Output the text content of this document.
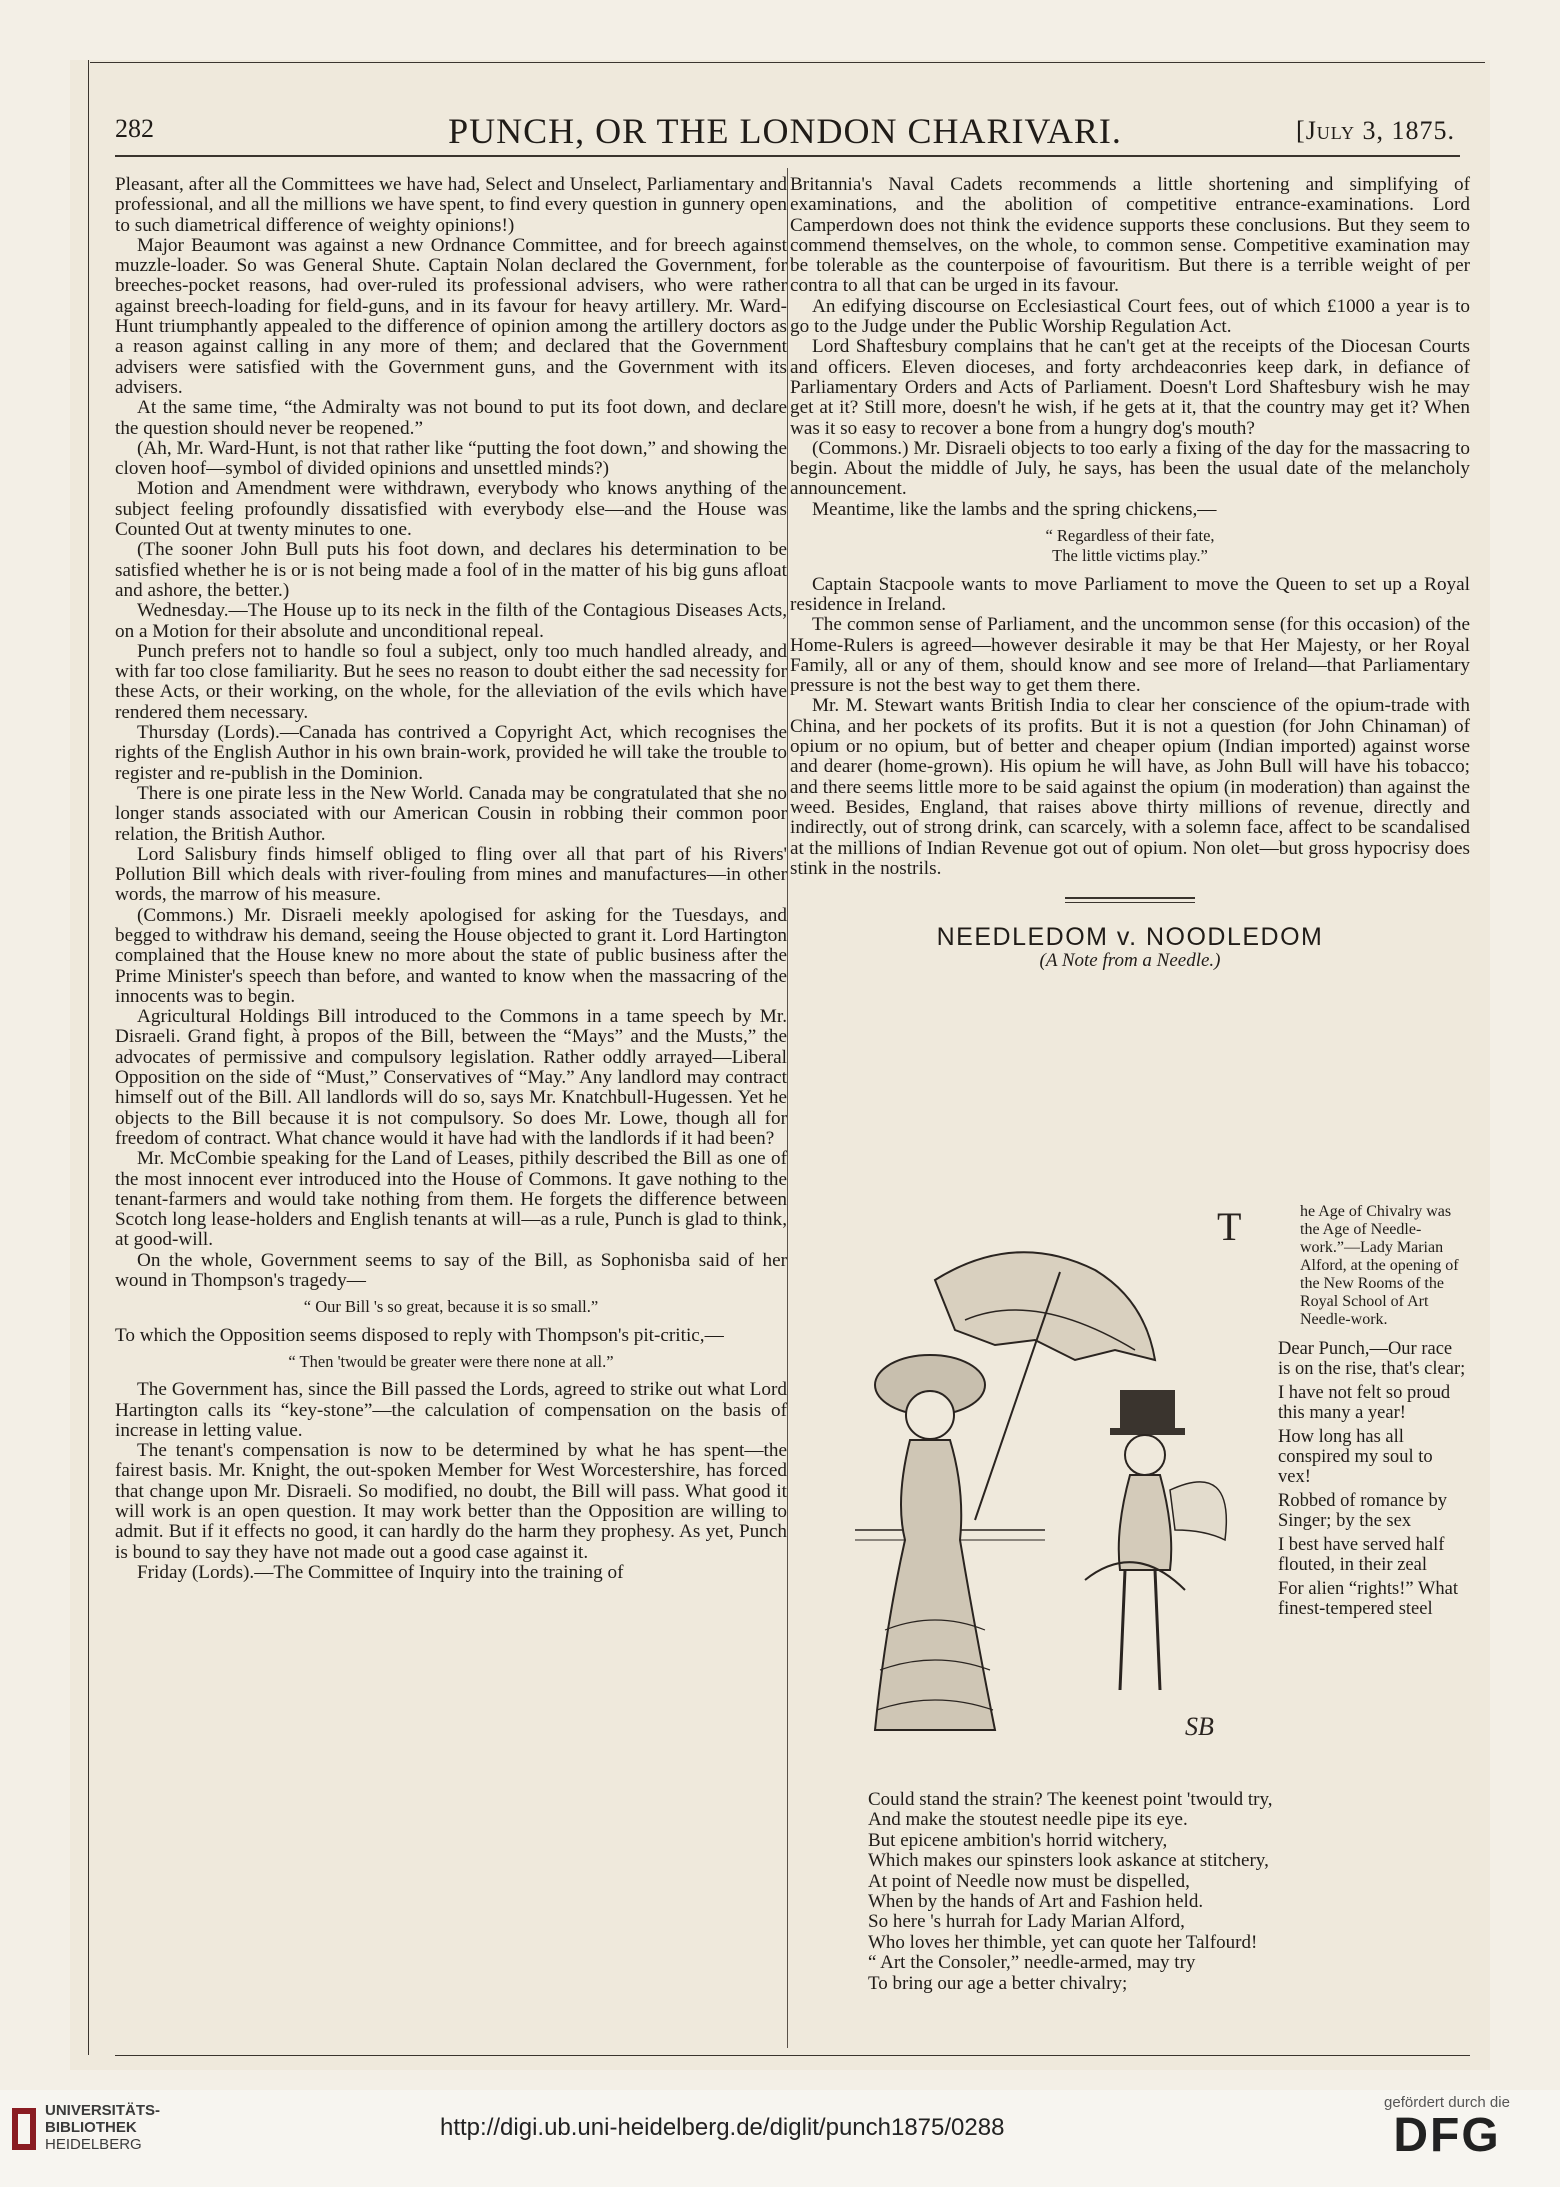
282	PUNCH, OR THE LONDON CHARIVARI.	[July 3, 1875.

Pleasant, after all the Committees we have had, Select and Unselect, Parliamentary and professional, and all the millions we have spent, to find every question in gunnery open to such diametrical difference of weighty opinions!)

Major Beaumont was against a new Ordnance Committee, and for breech against muzzle-loader. So was General Shute. Captain Nolan declared the Government, for breeches-pocket reasons, had over-ruled its professional advisers, who were rather against breech-loading for field-guns, and in its favour for heavy artillery. Mr. Ward-Hunt triumphantly appealed to the difference of opinion among the artillery doctors as a reason against calling in any more of them; and declared that the Government advisers were satisfied with the Government guns, and the Government with its advisers.

At the same time, “the Admiralty was not bound to put its foot down, and declare the question should never be reopened.”

(Ah, Mr. Ward-Hunt, is not that rather like “putting the foot down,” and showing the cloven hoof—symbol of divided opinions and unsettled minds?)

Motion and Amendment were withdrawn, everybody who knows anything of the subject feeling profoundly dissatisfied with everybody else—and the House was Counted Out at twenty minutes to one.

(The sooner John Bull puts his foot down, and declares his determination to be satisfied whether he is or is not being made a fool of in the matter of his big guns afloat and ashore, the better.)

Wednesday.—The House up to its neck in the filth of the Contagious Diseases Acts, on a Motion for their absolute and unconditional repeal.

Punch prefers not to handle so foul a subject, only too much handled already, and with far too close familiarity. But he sees no reason to doubt either the sad necessity for these Acts, or their working, on the whole, for the alleviation of the evils which have rendered them necessary.

Thursday (Lords).—Canada has contrived a Copyright Act, which recognises the rights of the English Author in his own brain-work, provided he will take the trouble to register and re-publish in the Dominion.

There is one pirate less in the New World. Canada may be congratulated that she no longer stands associated with our American Cousin in robbing their common poor relation, the British Author.

Lord Salisbury finds himself obliged to fling over all that part of his Rivers' Pollution Bill which deals with river-fouling from mines and manufactures—in other words, the marrow of his measure.

(Commons.) Mr. Disraeli meekly apologised for asking for the Tuesdays, and begged to withdraw his demand, seeing the House objected to grant it. Lord Hartington complained that the House knew no more about the state of public business after the Prime Minister's speech than before, and wanted to know when the massacring of the innocents was to begin.

Agricultural Holdings Bill introduced to the Commons in a tame speech by Mr. Disraeli. Grand fight, à propos of the Bill, between the “Mays” and the Musts,” the advocates of permissive and compulsory legislation. Rather oddly arrayed—Liberal Opposition on the side of “Must,” Conservatives of “May.” Any landlord may contract himself out of the Bill. All landlords will do so, says Mr. Knatchbull-Hugessen. Yet he objects to the Bill because it is not compulsory. So does Mr. Lowe, though all for freedom of contract. What chance would it have had with the landlords if it had been?

Mr. McCombie speaking for the Land of Leases, pithily described the Bill as one of the most innocent ever introduced into the House of Commons. It gave nothing to the tenant-farmers and would take nothing from them. He forgets the difference between Scotch long lease-holders and English tenants at will—as a rule, Punch is glad to think, at good-will.

On the whole, Government seems to say of the Bill, as Sophonisba said of her wound in Thompson's tragedy—

“ Our Bill 's so great, because it is so small.”

To which the Opposition seems disposed to reply with Thompson's pit-critic,—

“ Then 'twould be greater were there none at all.”

The Government has, since the Bill passed the Lords, agreed to strike out what Lord Hartington calls its “key-stone”—the calculation of compensation on the basis of increase in letting value.

The tenant's compensation is now to be determined by what he has spent—the fairest basis. Mr. Knight, the out-spoken Member for West Worcestershire, has forced that change upon Mr. Disraeli. So modified, no doubt, the Bill will pass. What good it will work is an open question. It may work better than the Opposition are willing to admit. But if it effects no good, it can hardly do the harm they prophesy. As yet, Punch is bound to say they have not made out a good case against it.

Friday (Lords).—The Committee of Inquiry into the training of

Britannia's Naval Cadets recommends a little shortening and simplifying of examinations, and the abolition of competitive entrance-examinations. Lord Camperdown does not think the evidence supports these conclusions. But they seem to commend themselves, on the whole, to common sense. Competitive examination may be tolerable as the counterpoise of favouritism. But there is a terrible weight of per contra to all that can be urged in its favour.

An edifying discourse on Ecclesiastical Court fees, out of which £1000 a year is to go to the Judge under the Public Worship Regulation Act.

Lord Shaftesbury complains that he can't get at the receipts of the Diocesan Courts and officers. Eleven dioceses, and forty archdeaconries keep dark, in defiance of Parliamentary Orders and Acts of Parliament. Doesn't Lord Shaftesbury wish he may get at it? Still more, doesn't he wish, if he gets at it, that the country may get it? When was it so easy to recover a bone from a hungry dog's mouth?

(Commons.) Mr. Disraeli objects to too early a fixing of the day for the massacring to begin. About the middle of July, he says, has been the usual date of the melancholy announcement.

Meantime, like the lambs and the spring chickens,—

“ Regardless of their fate,

The little victims play.”

Captain Stacpoole wants to move Parliament to move the Queen to set up a Royal residence in Ireland.

The common sense of Parliament, and the uncommon sense (for this occasion) of the Home-Rulers is agreed—however desirable it may be that Her Majesty, or her Royal Family, all or any of them, should know and see more of Ireland—that Parliamentary pressure is not the best way to get them there.

Mr. M. Stewart wants British India to clear her conscience of the opium-trade with China, and her pockets of its profits. But it is not a question (for John Chinaman) of opium or no opium, but of better and cheaper opium (Indian imported) against worse and dearer (home-grown). His opium he will have, as John Bull will have his tobacco; and there seems little more to be said against the opium (in moderation) than against the weed. Besides, England, that raises above thirty millions of revenue, directly and indirectly, out of strong drink, can scarcely, with a solemn face, affect to be scandalised at the millions of Indian Revenue got out of opium. Non olet—but gross hypocrisy does stink in the nostrils.

NEEDLEDOM v. NOODLEDOM
(A Note from a Needle.)
T
SB

he Age of Chivalry was the Age of Needle-work.”—Lady Marian Alford, at the opening of the New Rooms of the Royal School of Art Needle-work.

Dear Punch,—Our race is on the rise, that's clear;

I have not felt so proud this many a year!

How long has all conspired my soul to vex!

Robbed of romance by Singer; by the sex

I best have served half flouted, in their zeal

For alien “rights!” What finest-tempered steel

Could stand the strain? The keenest point 'twould try,
And make the stoutest needle pipe its eye.
But epicene ambition's horrid witchery,
Which makes our spinsters look askance at stitchery,
At point of Needle now must be dispelled,
When by the hands of Art and Fashion held.
So here 's hurrah for Lady Marian Alford,
Who loves her thimble, yet can quote her Talfourd!
“ Art the Consoler,” needle-armed, may try
To bring our age a better chivalry;
UNIVERSITÄTS-
BIBLIOTHEK
HEIDELBERG
http://digi.ub.uni-heidelberg.de/diglit/punch1875/0288
gefördert durch die
DFG
